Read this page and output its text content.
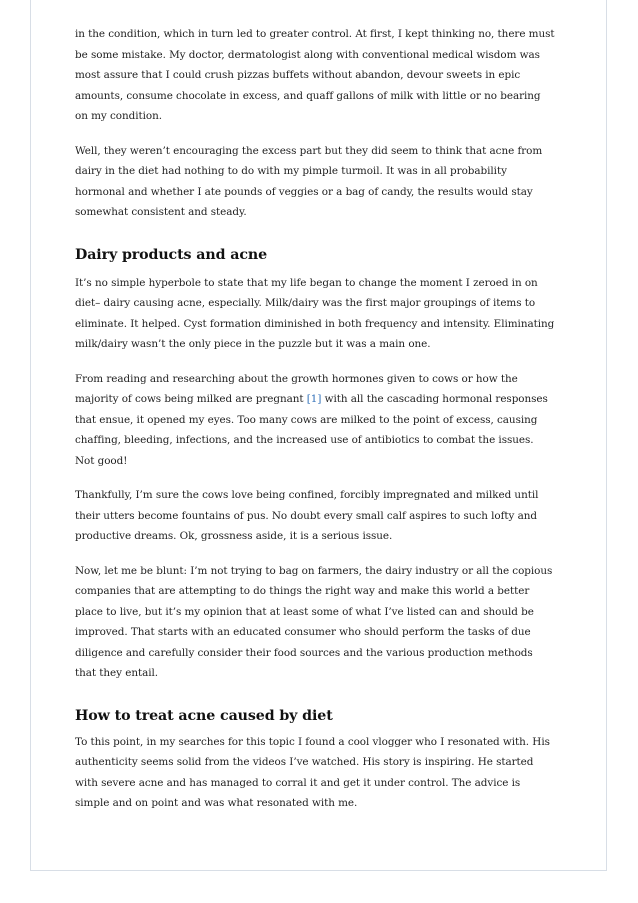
in the condition, which in turn led to greater control. At first, I kept thinking no, there must be some mistake. My doctor, dermatologist along with conventional medical wisdom was most assure that I could crush pizzas buffets without abandon, devour sweets in epic amounts, consume chocolate in excess, and quaff gallons of milk with little or no bearing on my condition.

Well, they weren’t encouraging the excess part but they did seem to think that acne from dairy in the diet had nothing to do with my pimple turmoil. It was in all probability hormonal and whether I ate pounds of veggies or a bag of candy, the results would stay somewhat consistent and steady.

Dairy products and acne

It’s no simple hyperbole to state that my life began to change the moment I zeroed in on diet– dairy causing acne, especially. Milk/dairy was the first major groupings of items to eliminate. It helped. Cyst formation diminished in both frequency and intensity. Eliminating milk/dairy wasn’t the only piece in the puzzle but it was a main one.

From reading and researching about the growth hormones given to cows or how the majority of cows being milked are pregnant [1] with all the cascading hormonal responses that ensue, it opened my eyes. Too many cows are milked to the point of excess, causing chaffing, bleeding, infections, and the increased use of antibiotics to combat the issues. Not good!

Thankfully, I’m sure the cows love being confined, forcibly impregnated and milked until their utters become fountains of pus. No doubt every small calf aspires to such lofty and productive dreams. Ok, grossness aside, it is a serious issue.

Now, let me be blunt: I’m not trying to bag on farmers, the dairy industry or all the copious companies that are attempting to do things the right way and make this world a better place to live, but it’s my opinion that at least some of what I’ve listed can and should be improved. That starts with an educated consumer who should perform the tasks of due diligence and carefully consider their food sources and the various production methods that they entail.

How to treat acne caused by diet

To this point, in my searches for this topic I found a cool vlogger who I resonated with. His authenticity seems solid from the videos I’ve watched. His story is inspiring. He started with severe acne and has managed to corral it and get it under control. The advice is simple and on point and was what resonated with me.
